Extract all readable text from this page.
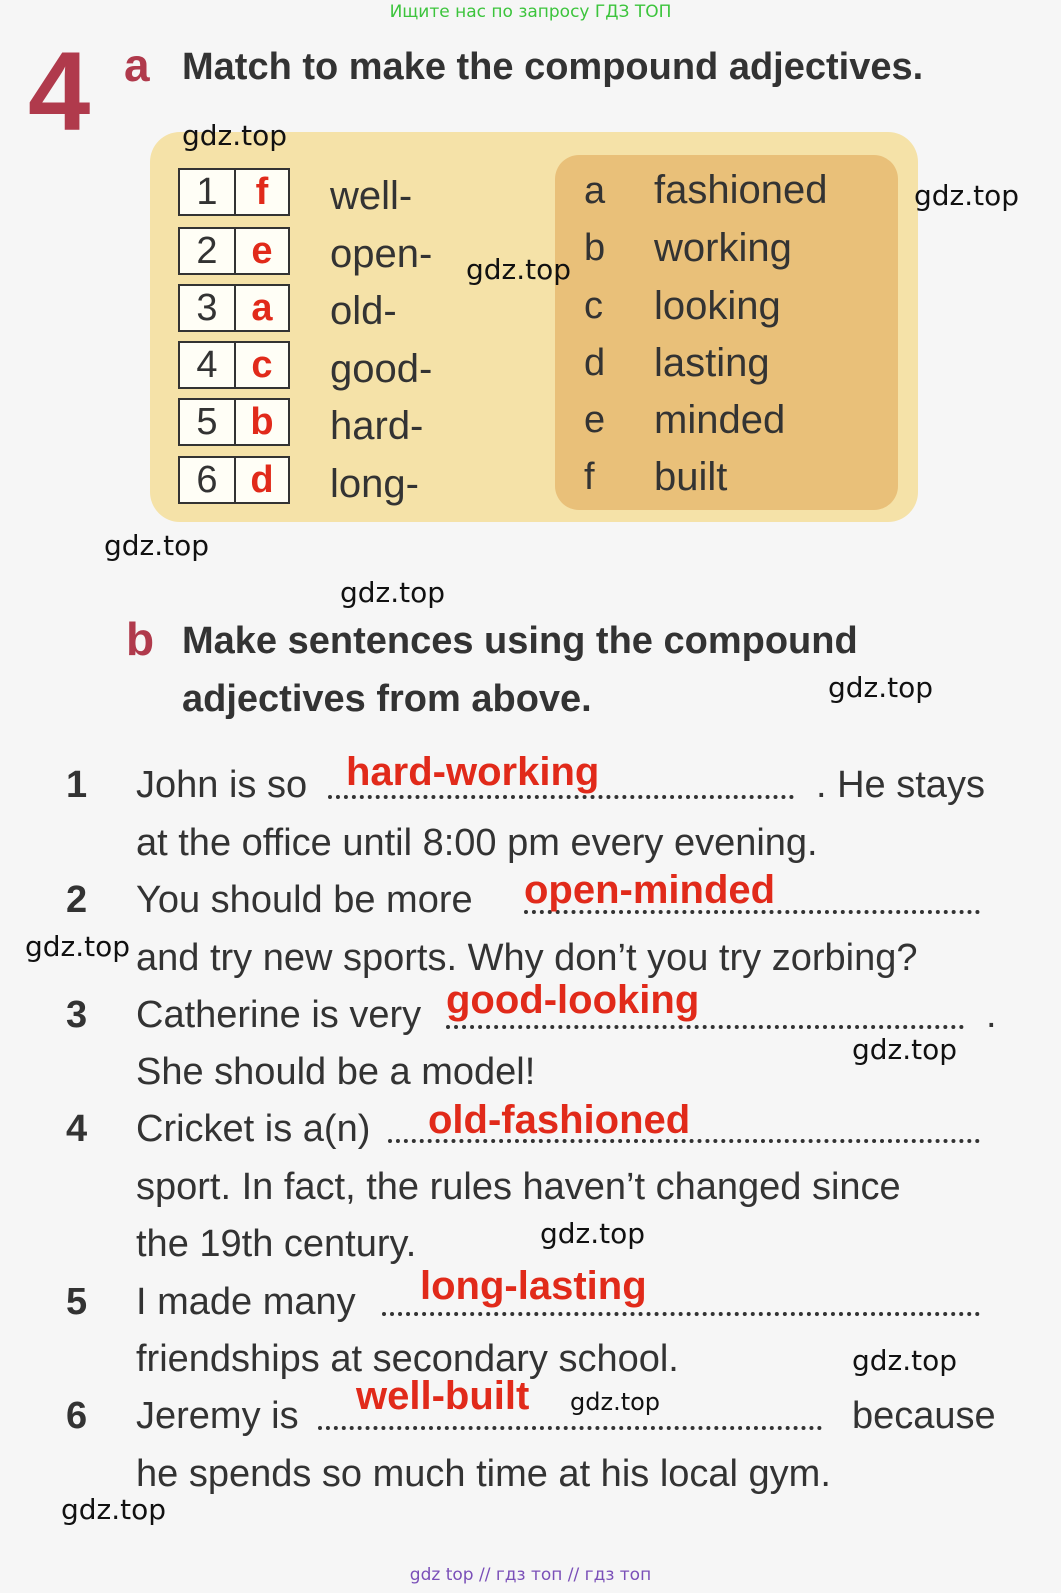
Ищите нас по запросу ГДЗ ТОП
gdz top // гдз топ // гдз топ
4 a Match to make the compound adjectives.
1	f	well-
2 e	open-
3 a	old-
4 c	good-
5 b	hard-
6 d	long-
a	fashioned
b	working
c	looking
d	lasting
e	minded
f	built
b Make sentences using the compound
adjectives from above.
1 John is so hard-working	. He stays
at the office until 8:00 pm every evening.
2 You should be more open-minded
and try new sports. Why don’t you try zorbing?
3 Catherine is very good-looking	.
She should be a model!
4 Cricket is a(n) old-fashioned
sport. In fact, the rules haven’t changed since
the 19th century.
5 I made many long-lasting
friendships at secondary school.
6 Jeremy is well-built	because
he spends so much time at his local gym.
gdz.top
gdz.top
gdz.top
gdz.top
gdz.top
gdz.top
gdz.top
gdz.top
gdz.top
gdz.top
gdz.top
gdz.top
